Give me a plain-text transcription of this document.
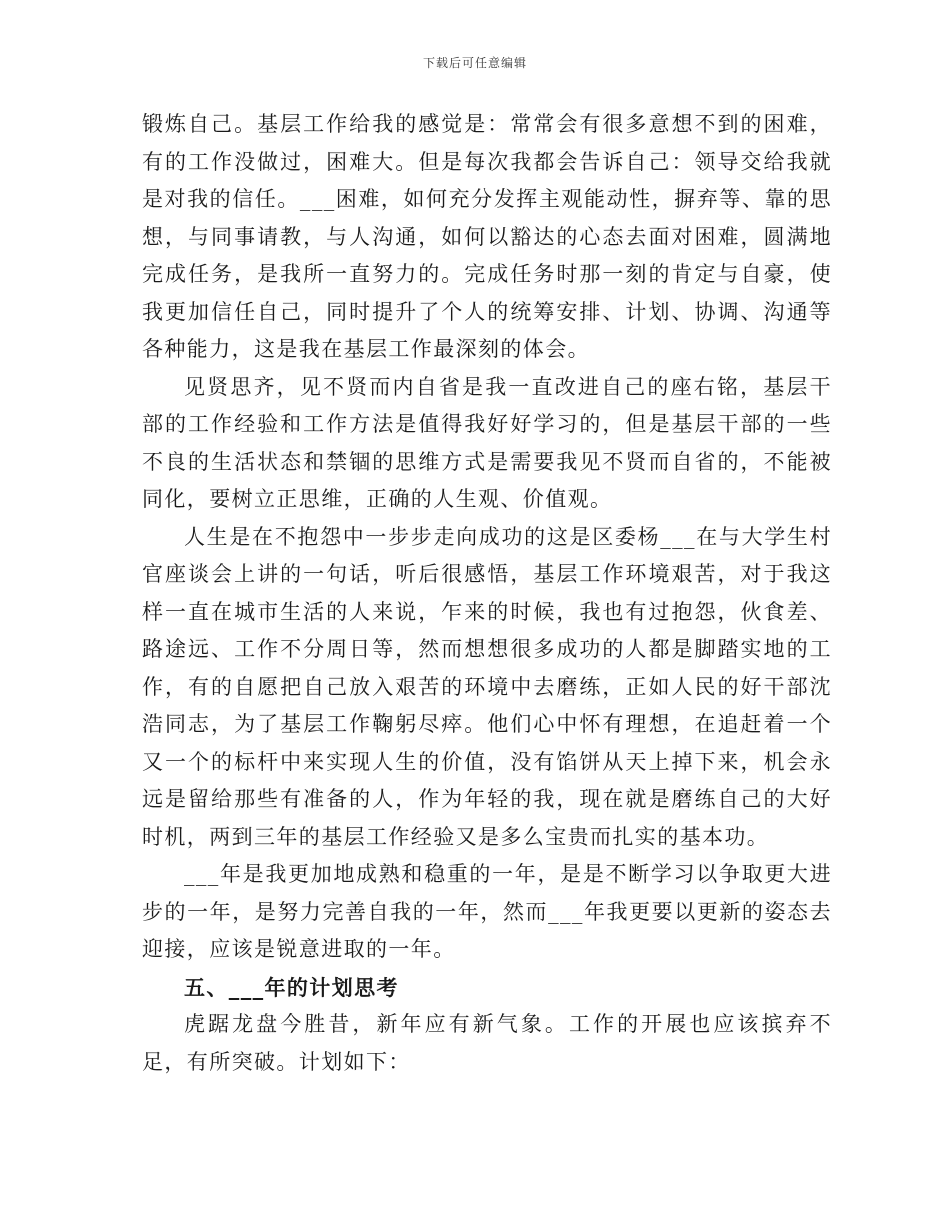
下载后可任意编辑

锻炼自己。基层工作给我的感觉是：常常会有很多意想不到的困难，有的工作没做过，困难大。但是每次我都会告诉自己：领导交给我就是对我的信任。___困难，如何充分发挥主观能动性，摒弃等、靠的思想，与同事请教，与人沟通，如何以豁达的心态去面对困难，圆满地完成任务，是我所一直努力的。完成任务时那一刻的肯定与自豪，使我更加信任自己，同时提升了个人的统筹安排、计划、协调、沟通等各种能力，这是我在基层工作最深刻的体会。

见贤思齐，见不贤而内自省是我一直改进自己的座右铭，基层干部的工作经验和工作方法是值得我好好学习的，但是基层干部的一些不良的生活状态和禁锢的思维方式是需要我见不贤而自省的，不能被同化，要树立正思维，正确的人生观、价值观。

人生是在不抱怨中一步步走向成功的这是区委杨___在与大学生村官座谈会上讲的一句话，听后很感悟，基层工作环境艰苦，对于我这样一直在城市生活的人来说，乍来的时候，我也有过抱怨，伙食差、路途远、工作不分周日等，然而想想很多成功的人都是脚踏实地的工作，有的自愿把自己放入艰苦的环境中去磨练，正如人民的好干部沈浩同志，为了基层工作鞠躬尽瘁。他们心中怀有理想，在追赶着一个又一个的标杆中来实现人生的价值，没有馅饼从天上掉下来，机会永远是留给那些有准备的人，作为年轻的我，现在就是磨练自己的大好时机，两到三年的基层工作经验又是多么宝贵而扎实的基本功。

___年是我更加地成熟和稳重的一年，是是不断学习以争取更大进步的一年，是努力完善自我的一年，然而___年我更要以更新的姿态去迎接，应该是锐意进取的一年。

五、___年的计划思考

虎踞龙盘今胜昔，新年应有新气象。工作的开展也应该摈弃不足，有所突破。计划如下：
